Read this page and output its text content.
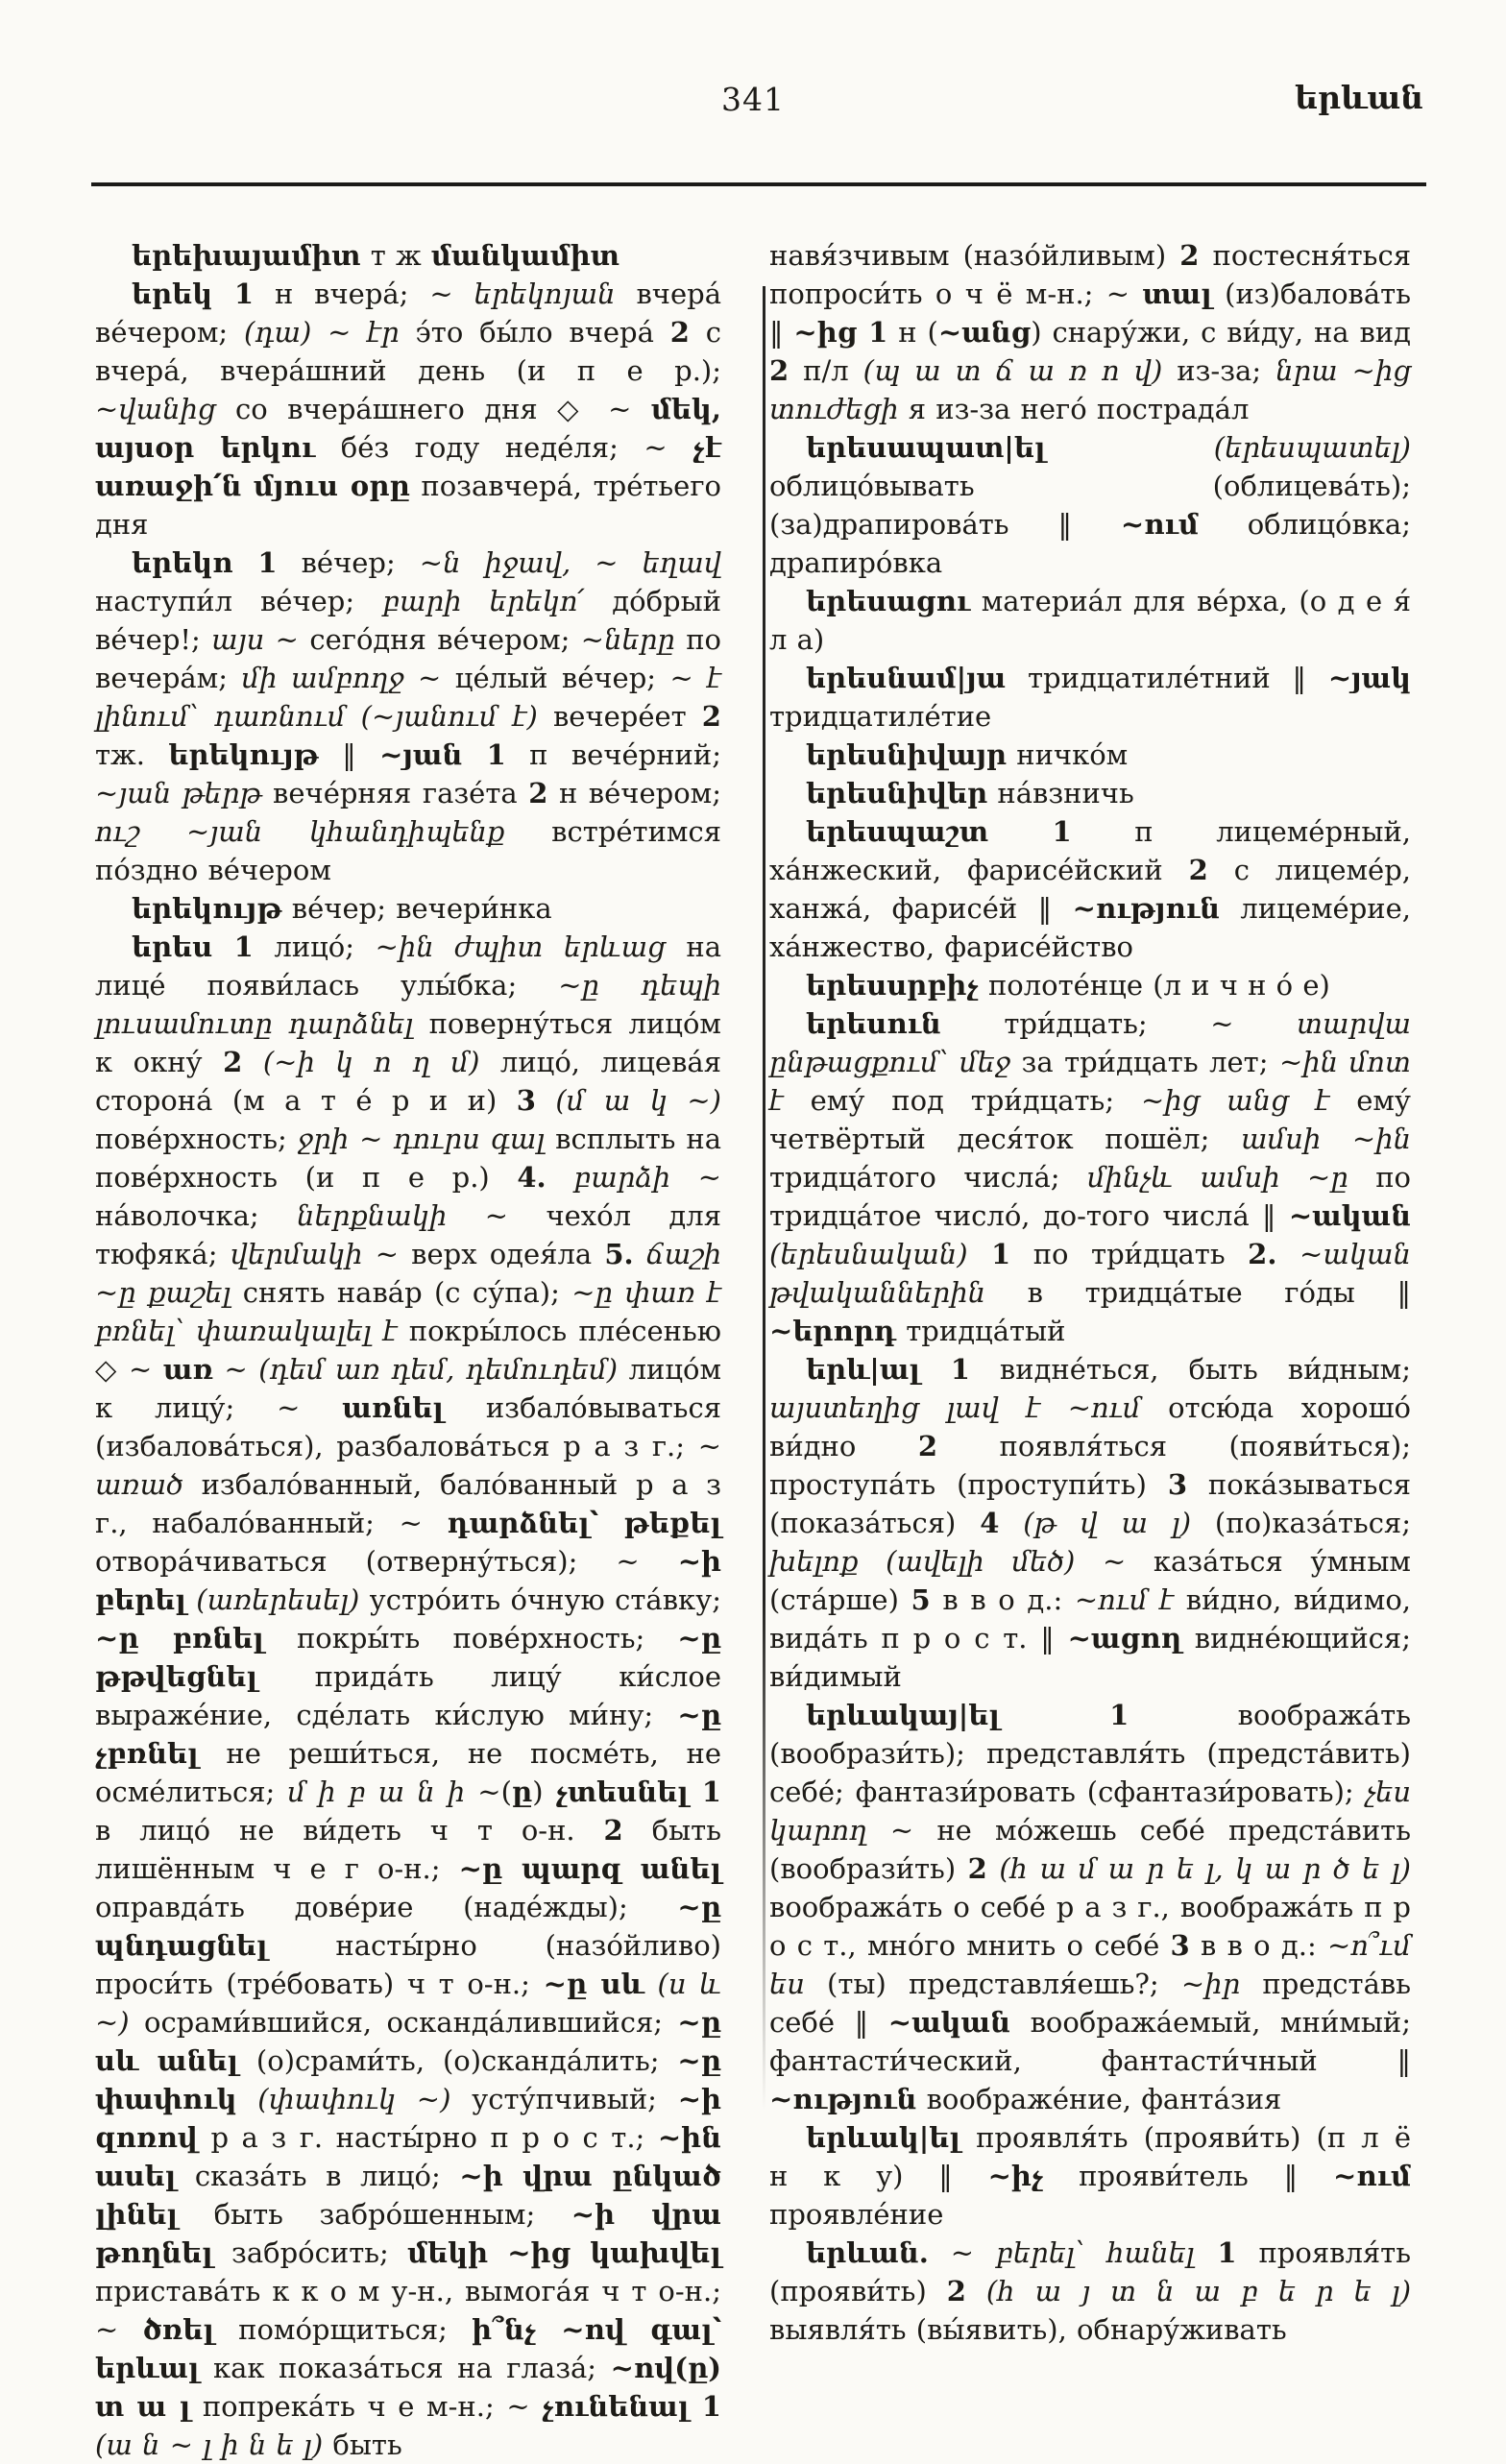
341	երևան

երեխայամիտ т ж մանկամիտ

երեկ 1 н вчера́; ~ երեկոյան вчера́ ве́чером; (դա) ~ էր э́то бы́ло вчера́ 2 с вчера́, вчера́шний день (и п е р.); ~վանից со вчера́шнего дня ◇ ~ մեկ, այսօր երկու бе́з году неде́ля; ~ չէ առաջի՛ն մյուս օրը позавчера́, тре́тьего дня

երեկո 1 ве́чер; ~ն իջավ, ~ եղավ наступи́л ве́чер; բարի երեկո՛ до́брый ве́чер!; այս ~ сего́дня ве́чером; ~ները по вечера́м; մի ամբողջ ~ це́лый ве́чер; ~ է լինում՝ դառնում (~յանում է) вечере́ет 2 тж. երեկույթ ‖ ~յան 1 п вече́рний; ~յան թերթ вече́рняя газе́та 2 н ве́чером; ուշ ~յան կհանդիպենք встре́тимся по́здно ве́чером

երեկույթ ве́чер; вечери́нка

երես 1 лицо́; ~ին ժպիտ երևաց на лице́ появи́лась улы́бка; ~ը դեպի լուսամուտը դարձնել поверну́ться лицо́м к окну́ 2 (~ի կ ո ղ մ) лицо́, лицева́я сторона́ (м а т е́ р и и) 3 (մ ա կ ~) пове́рхность; ջրի ~ դուրս գալ всплыть на пове́рхность (и п е р.) 4. բարձի ~ на́волочка; ներքնակի ~ чехо́л для тюфяка́; վերմակի ~ верх одея́ла 5. ճաշի ~ը քաշել снять нава́р (с су́па); ~ը փառ է բռնել՝ փառակալել է покры́лось пле́сенью ◇ ~ առ ~ (դեմ առ դեմ, դեմուդեմ) лицо́м к лицу́; ~ առնել избало́вываться (избалова́ться), разбалова́ться р а з г.; ~ առած избало́ванный, бало́ванный р а з г., набало́ванный; ~ դարձնել՝ թեքել отвора́чиваться (отверну́ться); ~ ~ի բերել (առերեսել) устро́ить о́чную ста́вку; ~ը բռնել покры́ть пове́рхность; ~ը թթվեցնել прида́ть лицу́ ки́слое выраже́ние, сде́лать ки́слую ми́ну; ~ը չբռնել не реши́ться, не посме́ть, не осме́литься; մ ի բ ա ն ի ~(ը) չտեսնել 1 в лицо́ не ви́деть ч т о-н. 2 быть лишённым ч е г о-н.; ~ը պարզ անել оправда́ть дове́рие (наде́жды); ~ը պնդացնել насты́рно (назо́йливо) проси́ть (тре́бовать) ч т о-н.; ~ը սև (ս և ~) осрами́вшийся, осканда́лившийся; ~ը սև անել (о)срами́ть, (о)сканда́лить; ~ը փափուկ (փափուկ ~) усту́пчивый; ~ի զոռով р а з г. насты́рно п р о с т.; ~ին ասել сказа́ть в лицо́; ~ի վրա ընկած լինել быть забро́шенным; ~ի վրա թողնել забро́сить; մեկի ~ից կախվել пристава́ть к к о м у-н., вымога́я ч т о-н.; ~ ծռել помо́рщиться; ի՞նչ ~ով գալ՝ երևալ как показа́ться на глаза́; ~ով(ը) տ ա լ попрека́ть ч е м-н.; ~ չունենալ 1 (ա ն ~ լ ի ն ե լ) быть

навя́зчивым (назо́йливым) 2 постесня́ться попроси́ть о ч ё м-н.; ~ տալ (из)балова́ть ‖ ~ից 1 н (~անց) снару́жи, с ви́ду, на вид 2 п/л (պ ա տ ճ ա ռ ո վ) из-за; նրա ~ից տուժեցի я из-за него́ пострада́л

երեսապատ|ել	(երեսպատել) облицо́вывать (облицева́ть); (за)драпирова́ть ‖ ~ում облицо́вка; драпиро́вка

երեսացու материа́л для ве́рха, (о д е я́ л а)

երեսնամ|յա тридцатиле́тний ‖ ~յակ тридцатиле́тие

երեսնիվայր ничко́м

երեսնիվեր на́взничь

երեսպաշտ 1 п лицеме́рный, ха́нжеский, фарисе́йский 2 с лицеме́р, ханжа́, фарисе́й ‖ ~ություն лицеме́рие, ха́нжество, фарисе́йство

երեսսրբիչ полоте́нце (л и ч н о́ е)

երեսուն три́дцать; ~ տարվա ընթացքում՝ մեջ за три́дцать лет; ~ին մոտ է ему́ под три́дцать; ~ից անց է ему́ четвёртый деся́ток пошёл; ամսի ~ին тридца́того числа́; մինչև ամսի ~ը по тридца́тое число́, до-того числа́ ‖ ~ական (երեսնական) 1 по три́дцать 2. ~ական թվականներին в тридца́тые го́ды ‖ ~երորդ тридца́тый

երև|ալ 1 видне́ться, быть ви́дным; այստեղից լավ է ~ում отсю́да хорошо́ ви́дно 2 появля́ться (появи́ться); проступа́ть (проступи́ть) 3 пока́зываться (показа́ться) 4 (թ վ ա լ) (по)каза́ться; խելոք (ավելի մեծ) ~ каза́ться у́мным (ста́рше) 5 в в о д.: ~ում է ви́дно, ви́димо, вида́ть п р о с т. ‖ ~ացող видне́ющийся; ви́димый

երևակայ|ել 1 вообража́ть (вообрази́ть); представля́ть (предста́вить) себе́; фантази́ровать (сфантази́ровать); չես կարող ~ не мо́жешь себе́ предста́вить (вообрази́ть) 2 (հ ա մ ա ր ե լ, կ ա ր ծ ե լ) вообража́ть о себе́ р а з г., вообража́ть п р о с т., мно́го мнить о себе́ 3 в в о д.: ~ո՞ւմ ես (ты) представля́ешь?; ~իր предста́вь себе́ ‖ ~ական вообража́емый, мни́мый; фантасти́ческий, фантасти́чный ‖ ~ություն воображе́ние, фанта́зия

երևակ|ել проявля́ть (прояви́ть) (п л ё н к у) ‖ ~իչ прояви́тель ‖ ~ում проявле́ние

երևան. ~ բերել՝ հանել 1 проявля́ть (прояви́ть) 2 (հ ա յ տ ն ա բ ե ր ե լ) выявля́ть (вы́явить), обнару́живать
